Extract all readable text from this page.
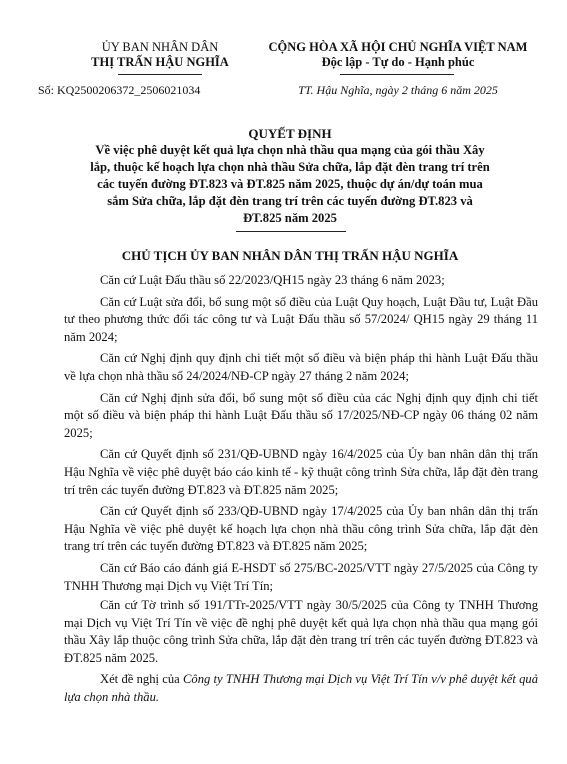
ỦY BAN NHÂN DÂN
THỊ TRẤN HẬU NGHĨA
Số: KQ2500206372_2506021034
CỘNG HÒA XÃ HỘI CHỦ NGHĨA VIỆT NAM
Độc lập - Tự do - Hạnh phúc
TT. Hậu Nghĩa, ngày 2 tháng 6 năm 2025
QUYẾT ĐỊNH
Về việc phê duyệt kết quả lựa chọn nhà thầu qua mạng của gói thầu Xây
lắp, thuộc kế hoạch lựa chọn nhà thầu Sửa chữa, lắp đặt đèn trang trí trên
các tuyến đường ĐT.823 và ĐT.825 năm 2025, thuộc dự án/dự toán mua
sắm Sửa chữa, lắp đặt đèn trang trí trên các tuyến đường ĐT.823 và
ĐT.825 năm 2025
CHỦ TỊCH ỦY BAN NHÂN DÂN THỊ TRẤN HẬU NGHĨA

Căn cứ Luật Đấu thầu số 22/2023/QH15 ngày 23 tháng 6 năm 2023;

Căn cứ Luật sửa đổi, bổ sung một số điều của Luật Quy hoạch, Luật Đầu tư, Luật Đầu tư theo phương thức đối tác công tư và Luật Đấu thầu số 57/2024/ QH15 ngày 29 tháng 11 năm 2024;

Căn cứ Nghị định quy định chi tiết một số điều và biện pháp thi hành Luật Đấu thầu về lựa chọn nhà thầu số 24/2024/NĐ-CP ngày 27 tháng 2 năm 2024;

Căn cứ Nghị định sửa đổi, bổ sung một số điều của các Nghị định quy định chi tiết một số điều và biện pháp thi hành Luật Đấu thầu số 17/2025/NĐ-CP ngày 06 tháng 02 năm 2025;

Căn cứ Quyết định số 231/QĐ-UBND ngày 16/4/2025 của Ủy ban nhân dân thị trấn Hậu Nghĩa về việc phê duyệt báo cáo kinh tế - kỹ thuật công trình Sửa chữa, lắp đặt đèn trang trí trên các tuyến đường ĐT.823 và ĐT.825 năm 2025;

Căn cứ Quyết định số 233/QĐ-UBND ngày 17/4/2025 của Ủy ban nhân dân thị trấn Hậu Nghĩa về việc phê duyệt kế hoạch lựa chọn nhà thầu công trình Sửa chữa, lắp đặt đèn trang trí trên các tuyến đường ĐT.823 và ĐT.825 năm 2025;

Căn cứ Báo cáo đánh giá E-HSDT số 275/BC-2025/VTT ngày 27/5/2025 của Công ty TNHH Thương mại Dịch vụ Việt Trí Tín;

Căn cứ Tờ trình số 191/TTr-2025/VTT ngày 30/5/2025 của Công ty TNHH Thương mại Dịch vụ Việt Trí Tín về việc đề nghị phê duyệt kết quả lựa chọn nhà thầu qua mạng gói thầu Xây lắp thuộc công trình Sửa chữa, lắp đặt đèn trang trí trên các tuyến đường ĐT.823 và ĐT.825 năm 2025.

Xét đề nghị của Công ty TNHH Thương mại Dịch vụ Việt Trí Tín v/v phê duyệt kết quả lựa chọn nhà thầu.
